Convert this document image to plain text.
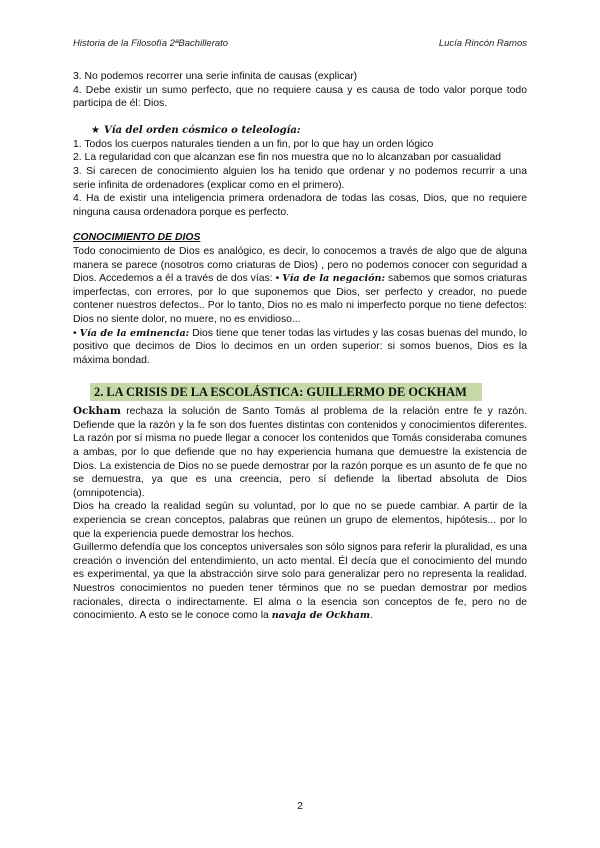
Historia de la Filosofía 2ªBachillerato	Lucía Rincón Ramos

3. No podemos recorrer una serie infinita de causas (explicar)

4. Debe existir un sumo perfecto, que no requiere causa y es causa de todo valor porque todo participa de él: Dios.

★ Vía del orden cósmico o teleología:

1. Todos los cuerpos naturales tienden a un fin, por lo que hay un orden lógico

2. La regularidad con que alcanzan ese fin nos muestra que no lo alcanzaban por casualidad

3. Si carecen de conocimiento alguien los ha tenido que ordenar y no podemos recurrir a una serie infinita de ordenadores (explicar como en el primero).

4. Ha de existir una inteligencia primera ordenadora de todas las cosas, Dios, que no requiere ninguna causa ordenadora porque es perfecto.

CONOCIMIENTO DE DIOS

Todo conocimiento de Dios es analógico, es decir, lo conocemos a través de algo que de alguna manera se parece (nosotros como criaturas de Dios) , pero no podemos conocer con seguridad a Dios. Accedemos a él a través de dos vías: • Vía de la negación: sabemos que somos criaturas imperfectas, con errores, por lo que suponemos que Dios, ser perfecto y creador, no puede contener nuestros defectos.. Por lo tanto, Dios no es malo ni imperfecto porque no tiene defectos: Dios no siente dolor, no muere, no es envidioso...

• Vía de la eminencia: Dios tiene que tener todas las virtudes y las cosas buenas del mundo, lo positivo que decimos de Dios lo decimos en un orden superior: si somos buenos, Dios es la máxima bondad.

2. LA CRISIS DE LA ESCOLÁSTICA: GUILLERMO DE OCKHAM

Ockham rechaza la solución de Santo Tomás al problema de la relación entre fe y razón. Defiende que la razón y la fe son dos fuentes distintas con contenidos y conocimientos diferentes. La razón por sí misma no puede llegar a conocer los contenidos que Tomás consideraba comunes a ambas, por lo que defiende que no hay experiencia humana que demuestre la existencia de Dios. La existencia de Dios no se puede demostrar por la razón porque es un asunto de fe que no se demuestra, ya que es una creencia, pero sí defiende la libertad absoluta de Dios (omnipotencia).

Dios ha creado la realidad según su voluntad, por lo que no se puede cambiar. A partir de la experiencia se crean conceptos, palabras que reúnen un grupo de elementos, hipótesis... por lo que la experiencia puede demostrar los hechos.

Guillermo defendía que los conceptos universales son sólo signos para referir la pluralidad, es una creación o invención del entendimiento, un acto mental. Él decía que el conocimiento del mundo es experimental, ya que la abstracción sirve solo para generalizar pero no representa la realidad. Nuestros conocimientos no pueden tener términos que no se puedan demostrar por medios racionales, directa o indirectamente. El alma o la esencia son conceptos de fe, pero no de conocimiento. A esto se le conoce como la navaja de Ockham.

2
